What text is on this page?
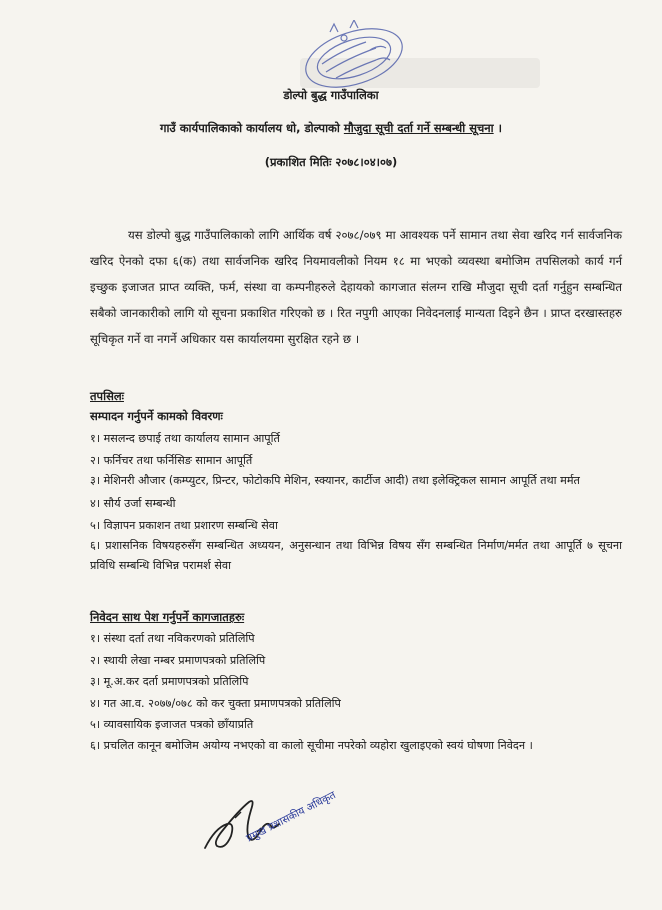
डोल्पो बुद्ध गाउँपालिका
गाउँ कार्यपालिकाको कार्यालय धो, डोल्पाको मौजुदा सूची दर्ता गर्ने सम्बन्धी सूचना ।
(प्रकाशित मितिः २०७८।०४।०७)
यस डोल्पो बुद्ध गाउँपालिकाको लागि आर्थिक वर्ष २०७८/०७९ मा आवश्यक पर्ने सामान तथा सेवा खरिद गर्न सार्वजनिक खरिद ऐनको दफा ६(क) तथा सार्वजनिक खरिद नियमावलीको नियम १८ मा भएको व्यवस्था बमोजिम तपसिलको कार्य गर्न इच्छुक इजाजत प्राप्त व्यक्ति, फर्म, संस्था वा कम्पनीहरुले देहायको कागजात संलग्न राखि मौजुदा सूची दर्ता गर्नुहुन सम्बन्धित सबैको जानकारीको लागि यो सूचना प्रकाशित गरिएको छ । रित नपुगी आएका निवेदनलाई मान्यता दिइने छैन । प्राप्त दरखास्तहरु सूचिकृत गर्ने वा नगर्ने अधिकार यस कार्यालयमा सुरक्षित रहने छ ।
तपसिलः
सम्पादन गर्नुपर्ने कामको विवरणः
१। मसलन्द छपाई तथा कार्यालय सामान आपूर्ति
२। फर्निचर तथा फर्निसिङ सामान आपूर्ति
३। मेशिनरी औजार (कम्प्युटर, प्रिन्टर, फोटोकपि मेशिन, स्क्यानर, कार्टीज आदी) तथा इलेक्ट्रिकल सामान आपूर्ति तथा मर्मत
४। सौर्य उर्जा सम्बन्धी
५। विज्ञापन प्रकाशन तथा प्रशारण सम्बन्धि सेवा
६। प्रशासनिक विषयहरुसँग सम्बन्धित अध्ययन, अनुसन्धान तथा विभिन्न विषय सँग सम्बन्धित निर्माण/मर्मत तथा आपूर्ति ७ सूचना प्रविधि सम्बन्धि विभिन्न परामर्श सेवा
निवेदन साथ पेश गर्नुपर्ने कागजातहरुः
१। संस्था दर्ता तथा नविकरणको प्रतिलिपि
२। स्थायी लेखा नम्बर प्रमाणपत्रको प्रतिलिपि
३। मू.अ.कर दर्ता प्रमाणपत्रको प्रतिलिपि
४। गत आ.व. २०७७/०७८ को कर चुक्ता प्रमाणपत्रको प्रतिलिपि
५। व्यावसायिक इजाजत पत्रको छाँयाप्रति
६। प्रचलित कानून बमोजिम अयोग्य नभएको वा कालो सूचीमा नपरेको व्यहोरा खुलाइएको स्वयं घोषणा निवेदन ।
प्रमुख प्रशासकीय अधिकृत
